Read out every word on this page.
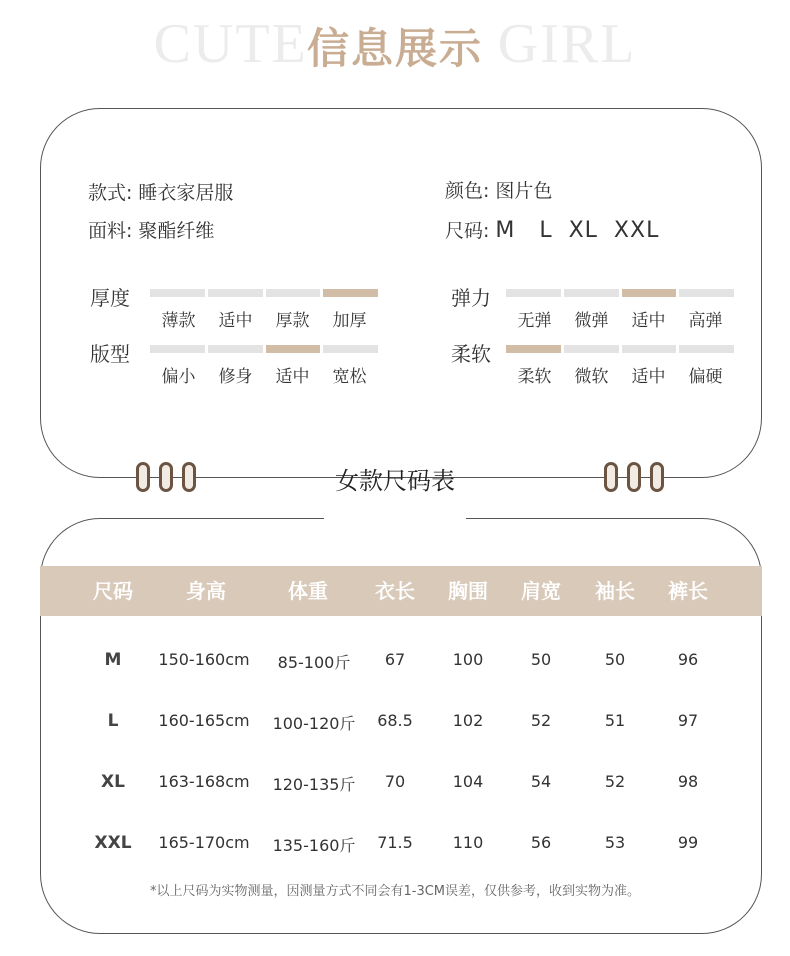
CUTE	GIRL
信息展示
款式: 睡衣家居服
面料: 聚酯纤维
颜色: 图片色
尺码: M   L  XL  XXL
厚度
薄款	适中	厚款	加厚
版型
偏小	修身	适中	宽松
弹力
无弹	微弹	适中	高弹
柔软
柔软	微软	适中	偏硬
女款尺码表
尺码	身高	体重 衣长 胸围 肩宽 袖长 裤长
M 150-160cm 85-100斤 67	100	50	50	96
L 160-165cm 100-120斤 68.5 102	52	51	97
XL 163-168cm 120-135斤 70	104	54	52	98
XXL 165-170cm 135-160斤 71.5 110	56	53	99
*以上尺码为实物测量，因测量方式不同会有1-3CM误差，仅供参考，收到实物为准。
